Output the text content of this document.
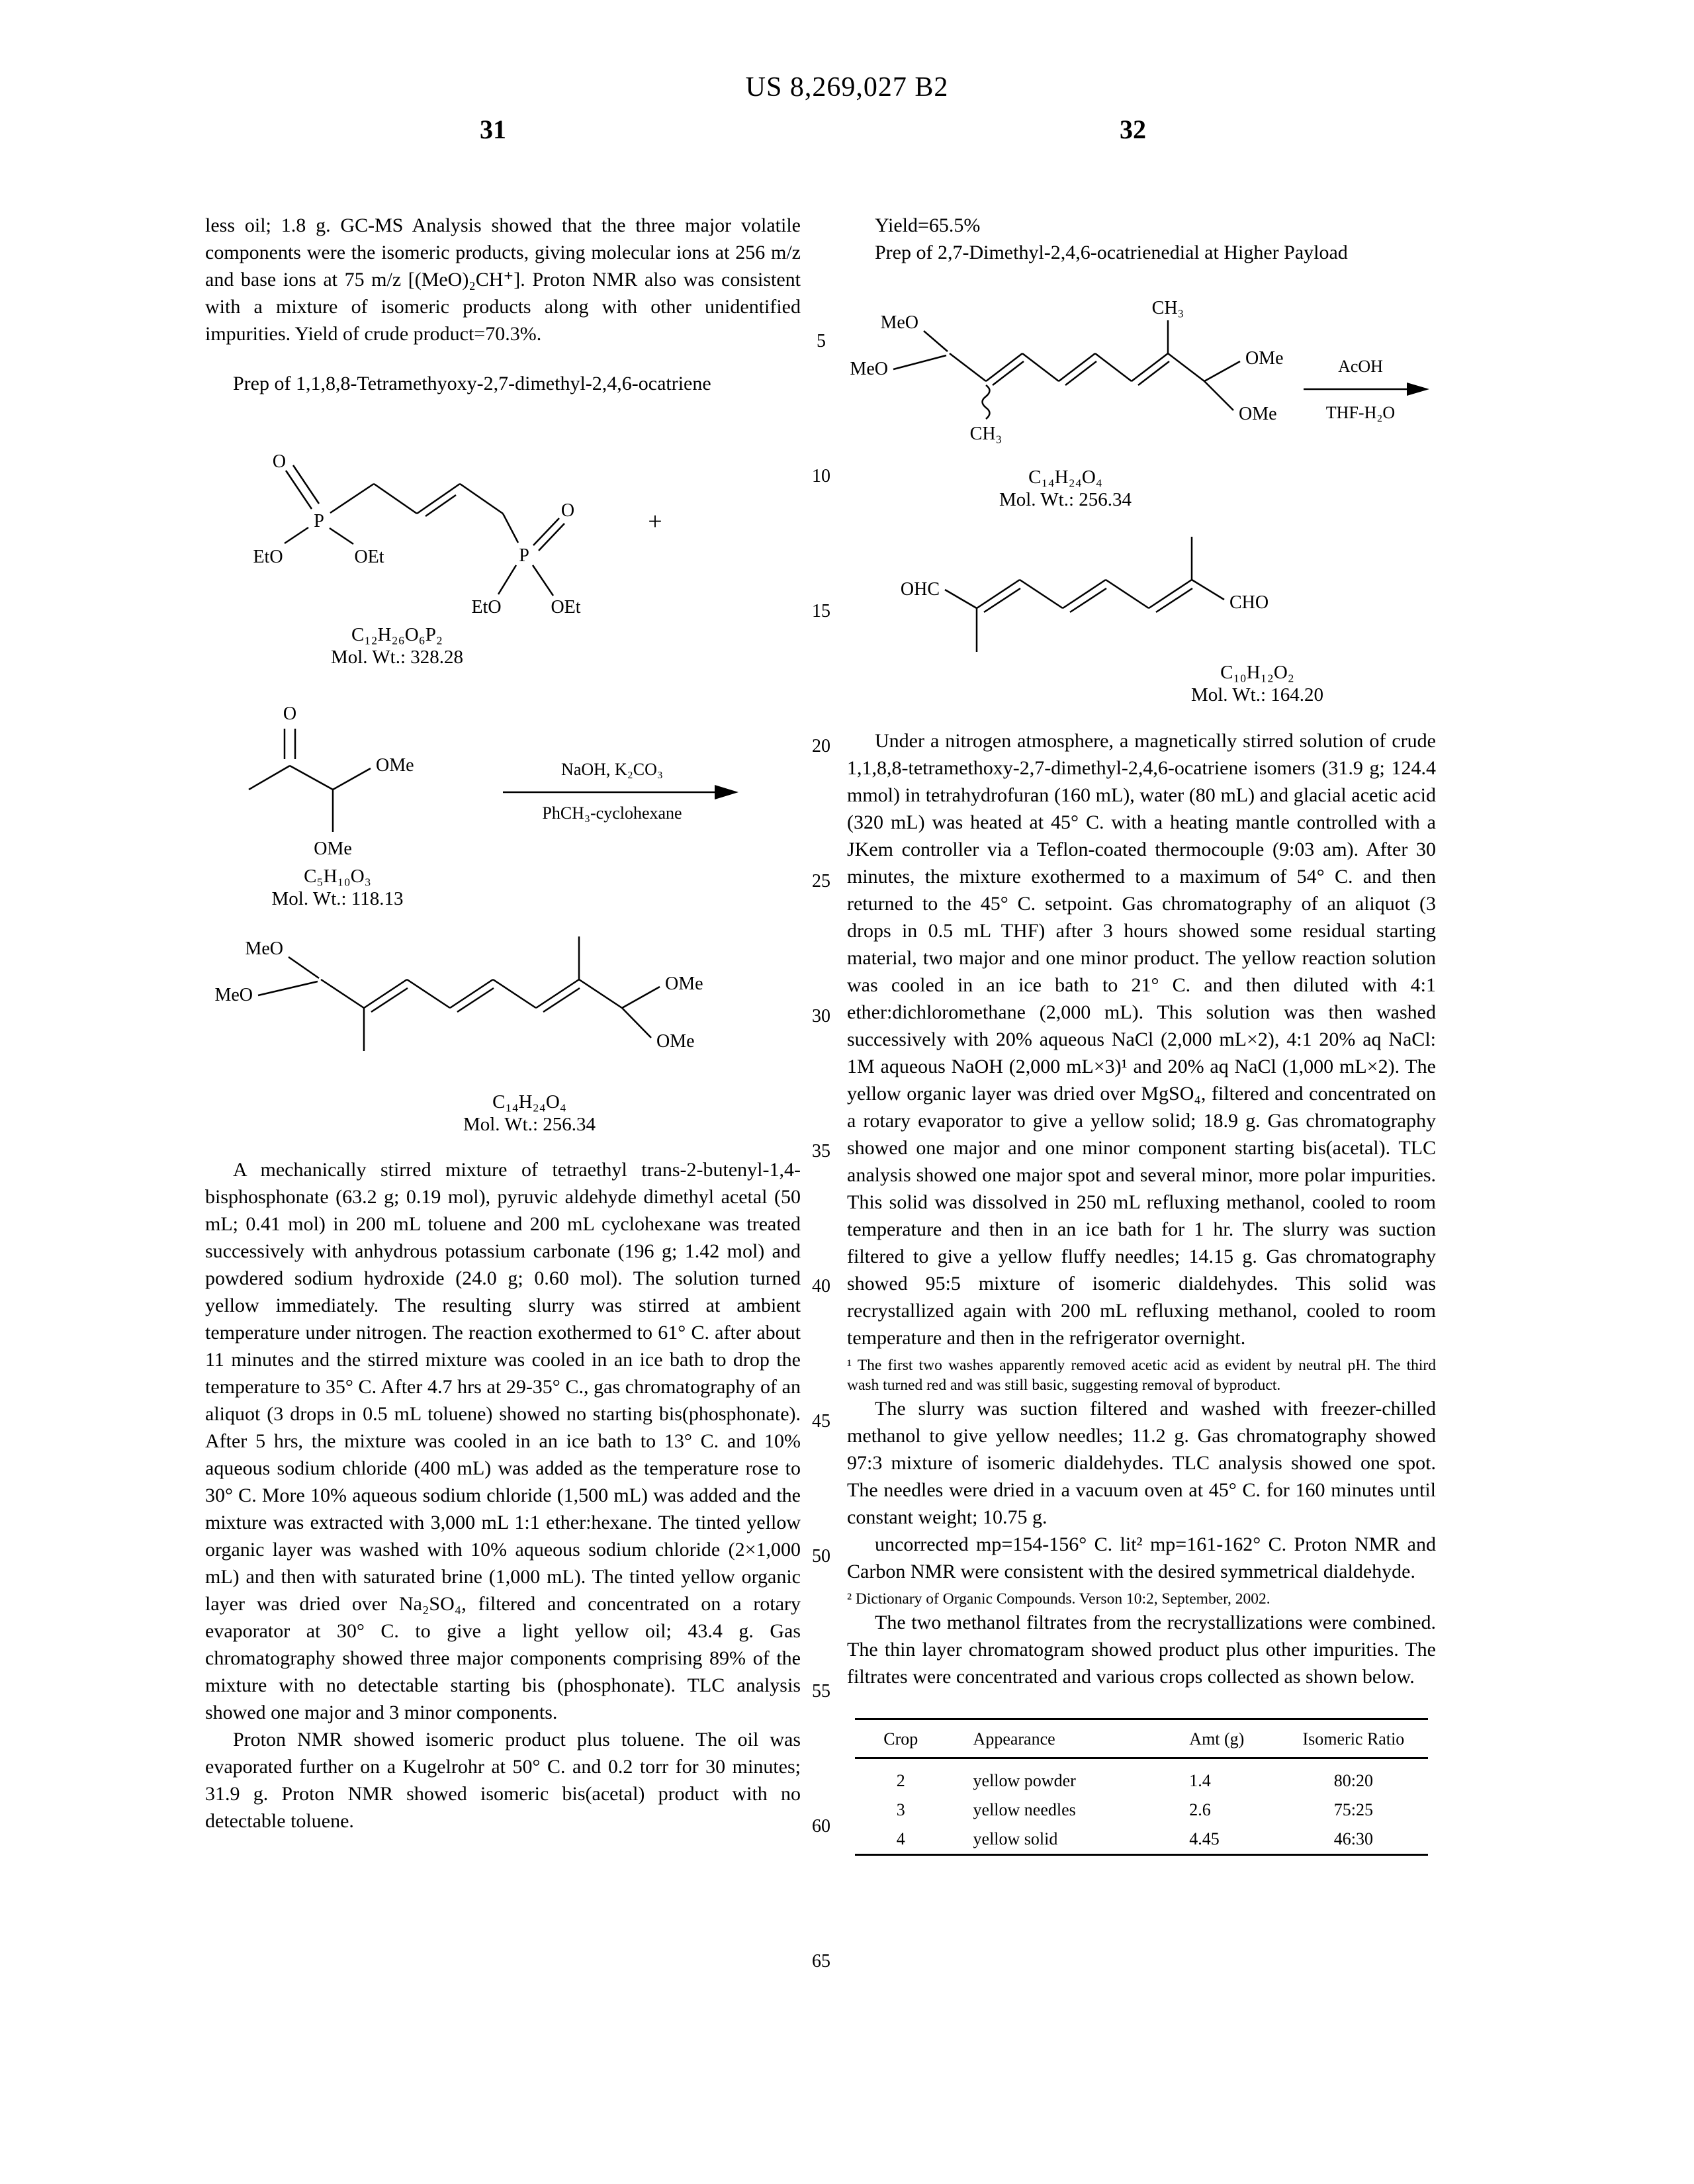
US 8,269,027 B2
31	32
5
10
15
20
25
30
35
40
45
50
55
60
65

less oil; 1.8 g. GC-MS Analysis showed that the three major volatile components were the isomeric products, giving molecular ions at 256 m/z and base ions at 75 m/z [(MeO)₂CH⁺]. Proton NMR also was consistent with a mixture of isomeric products along with other unidentified impurities. Yield of crude product=70.3%.

Prep of 1,1,8,8-Tetramethyoxy-2,7-dimethyl-2,4,6-ocatriene

O
P
EtO	OEt
O
P
EtO	OEt
+
C₁₂H₂₆O₆P₂
Mol. Wt.: 328.28
O
OMe
OMe
NaOH, K₂CO₃
PhCH₃-cyclohexane
C₅H₁₀O₃
Mol. Wt.: 118.13
MeO
MeO
OMe
OMe
C₁₄H₂₄O₄
Mol. Wt.: 256.34

A mechanically stirred mixture of tetraethyl trans-2-butenyl-1,4-bisphosphonate (63.2 g; 0.19 mol), pyruvic aldehyde dimethyl acetal (50 mL; 0.41 mol) in 200 mL toluene and 200 mL cyclohexane was treated successively with anhydrous potassium carbonate (196 g; 1.42 mol) and powdered sodium hydroxide (24.0 g; 0.60 mol). The solution turned yellow immediately. The resulting slurry was stirred at ambient temperature under nitrogen. The reaction exothermed to 61° C. after about 11 minutes and the stirred mixture was cooled in an ice bath to drop the temperature to 35° C. After 4.7 hrs at 29-35° C., gas chromatography of an aliquot (3 drops in 0.5 mL toluene) showed no starting bis(phosphonate). After 5 hrs, the mixture was cooled in an ice bath to 13° C. and 10% aqueous sodium chloride (400 mL) was added as the temperature rose to 30° C. More 10% aqueous sodium chloride (1,500 mL) was added and the mixture was extracted with 3,000 mL 1:1 ether:hexane. The tinted yellow organic layer was washed with 10% aqueous sodium chloride (2×1,000 mL) and then with saturated brine (1,000 mL). The tinted yellow organic layer was dried over Na₂SO₄, filtered and concentrated on a rotary evaporator at 30° C. to give a light yellow oil; 43.4 g. Gas chromatography showed three major components comprising 89% of the mixture with no detectable starting bis (phosphonate). TLC analysis showed one major and 3 minor components.

Proton NMR showed isomeric product plus toluene. The oil was evaporated further on a Kugelrohr at 50° C. and 0.2 torr for 30 minutes; 31.9 g. Proton NMR showed isomeric bis(acetal) product with no detectable toluene.

Yield=65.5%

Prep of 2,7-Dimethyl-2,4,6-ocatrienedial at Higher Payload

MeO
MeO
CH₃
CH₃
OMe
OMe
AcOH
THF-H₂O
C₁₄H₂₄O₄
Mol. Wt.: 256.34
OHC
CHO
C₁₀H₁₂O₂
Mol. Wt.: 164.20

Under a nitrogen atmosphere, a magnetically stirred solution of crude 1,1,8,8-tetramethoxy-2,7-dimethyl-2,4,6-ocatriene isomers (31.9 g; 124.4 mmol) in tetrahydrofuran (160 mL), water (80 mL) and glacial acetic acid (320 mL) was heated at 45° C. with a heating mantle controlled with a JKem controller via a Teflon-coated thermocouple (9:03 am). After 30 minutes, the mixture exothermed to a maximum of 54° C. and then returned to the 45° C. setpoint. Gas chromatography of an aliquot (3 drops in 0.5 mL THF) after 3 hours showed some residual starting material, two major and one minor product. The yellow reaction solution was cooled in an ice bath to 21° C. and then diluted with 4:1 ether:dichloromethane (2,000 mL). This solution was then washed successively with 20% aqueous NaCl (2,000 mL×2), 4:1 20% aq NaCl: 1M aqueous NaOH (2,000 mL×3)¹ and 20% aq NaCl (1,000 mL×2). The yellow organic layer was dried over MgSO₄, filtered and concentrated on a rotary evaporator to give a yellow solid; 18.9 g. Gas chromatography showed one major and one minor component starting bis(acetal). TLC analysis showed one major spot and several minor, more polar impurities. This solid was dissolved in 250 mL refluxing methanol, cooled to room temperature and then in an ice bath for 1 hr. The slurry was suction filtered to give a yellow fluffy needles; 14.15 g. Gas chromatography showed 95:5 mixture of isomeric dialdehydes. This solid was recrystallized again with 200 mL refluxing methanol, cooled to room temperature and then in the refrigerator overnight.

¹ The first two washes apparently removed acetic acid as evident by neutral pH. The third wash turned red and was still basic, suggesting removal of byproduct.

The slurry was suction filtered and washed with freezer-chilled methanol to give yellow needles; 11.2 g. Gas chromatography showed 97:3 mixture of isomeric dialdehydes. TLC analysis showed one spot. The needles were dried in a vacuum oven at 45° C. for 160 minutes until constant weight; 10.75 g.

uncorrected mp=154-156° C. lit² mp=161-162° C. Proton NMR and Carbon NMR were consistent with the desired symmetrical dialdehyde.

² Dictionary of Organic Compounds. Verson 10:2, September, 2002.

The two methanol filtrates from the recrystallizations were combined. The thin layer chromatogram showed product plus other impurities. The filtrates were concentrated and various crops collected as shown below.

Crop	Appearance	Amt (g)	Isomeric Ratio
2	yellow powder	1.4	80:20
3	yellow needles	2.6	75:25
4	yellow solid	4.45	46:30
